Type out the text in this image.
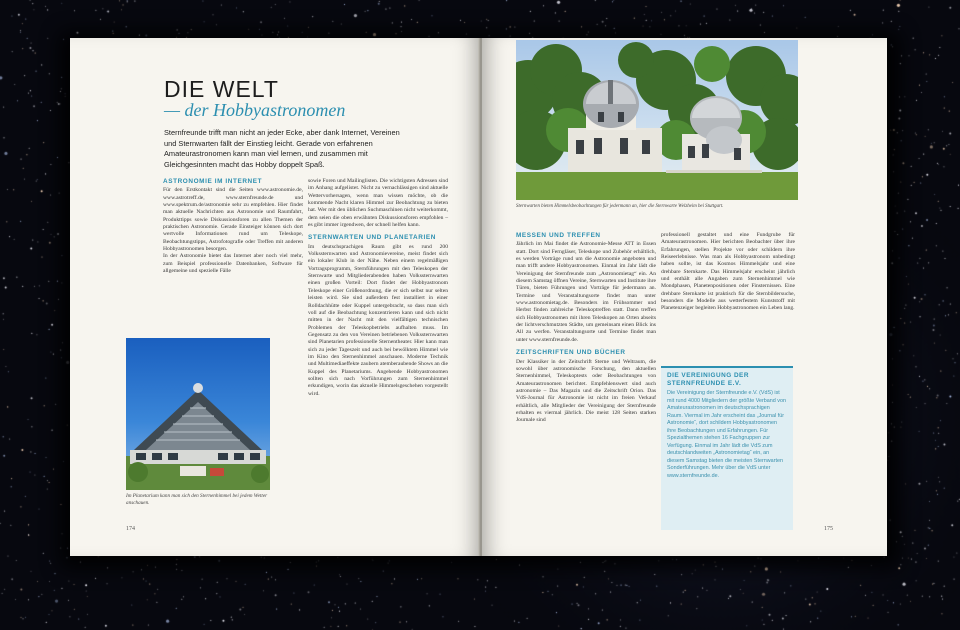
DIE WELT
— der Hobbyastronomen
Sternfreunde trifft man nicht an jeder Ecke, aber dank Internet, Vereinen und Sternwarten fällt der Einstieg leicht. Gerade von erfahrenen Amateurastronomen kann man viel lernen, und zusammen mit Gleichgesinnten macht das Hobby doppelt Spaß.
ASTRONOMIE IM INTERNET

Für den Erstkontakt sind die Seiten www.astronomie.de, www.astrotreff.de, www.sternfreunde.de und www.spektrum.de/astronomie sehr zu empfehlen. Hier findet man aktuelle Nachrichten aus Astronomie und Raumfahrt, Produkttipps sowie Diskussionsforen zu allen Themen der praktischen Astronomie. Gerade Einsteiger können sich dort wertvolle Informationen rund um Teleskope, Beobachtungstipps, Astrofotografie oder Treffen mit anderen Hobbyastronomen besorgen.

In der Astronomie bietet das Internet aber noch viel mehr, zum Beispiel professionelle Datenbanken, Software für allgemeine und spezielle Fälle

Im Planetarium kann man sich den Sternenhimmel bei jedem Wetter anschauen.

sowie Foren und Mailinglisten. Die wichtigsten Adressen sind im Anhang aufgelistet. Nicht zu vernachlässigen sind aktuelle Wettervorhersagen, wenn man wissen möchte, ob die kommende Nacht klaren Himmel zur Beobachtung zu bieten hat. Wer mit den üblichen Suchmaschinen nicht weiterkommt, dem seien die oben erwähnten Diskussionsforen empfohlen – es gibt immer irgendwen, der schnell helfen kann.

STERNWARTEN UND PLANETARIEN

Im deutschsprachigen Raum gibt es rund 200 Volkssternwarten und Astronomievereine, meist findet sich ein lokaler Klub in der Nähe. Neben einem regelmäßigen Vortragsprogramm, Sternführungen mit den Teleskopen der Sternwarte und Mitgliederabenden haben Volkssternwarten einen großen Vorteil: Dort findet der Hobbyastronom Teleskope einer Größenordnung, die er sich selbst nur selten leisten wird. Sie sind außerdem fest installiert in einer Rolldachhütte oder Kuppel untergebracht, so dass man sich voll auf die Beobachtung konzentrieren kann und sich nicht mitten in der Nacht mit den vielfältigen technischen Problemen der Teleskopbetriebs aufhalten muss. Im Gegensatz zu den von Vereinen betriebenen Volkssternwarten sind Planetarien professionelle Sternentheater. Hier kann man sich zu jeder Tageszeit und auch bei bewölktem Himmel wie im Kino den Sternenhimmel anschauen. Moderne Technik und Multimediaeffekte zaubern atemberaubende Shows an die Kuppel des Planetariums. Angehende Hobbyastronomen sollten sich nach Vorführungen zum Sternenhimmel erkundigen, worin das aktuelle Himmelsgeschehen vorgestellt wird.

174
Sternwarten bieten Himmelsbeobachtungen für jedermann an, hier die Sternwarte Welzheim bei Stuttgart.
MESSEN UND TREFFEN

Jährlich im Mai findet die Astronomie-Messe ATT in Essen statt. Dort sind Ferngläser, Teleskope und Zubehör erhältlich, es werden Vorträge rund um die Astronomie angeboten und man trifft andere Hobbyastronomen. Einmal im Jahr lädt die Vereinigung der Sternfreunde zum „Astronomietag“ ein. An diesem Samstag öffnen Vereine, Sternwarten und Institute ihre Türen, bieten Führungen und Vorträge für jedermann an. Termine und Veranstaltungsorte findet man unter www.astronomietag.de. Besonders im Frühsommer und Herbst finden zahlreiche Teleskoptreffen statt. Dann treffen sich Hobbyastronomen mit ihren Teleskopen an Orten abseits der lichtverschmutzten Städte, um gemeinsam einen Blick ins All zu werfen. Veranstaltungsorte und Termine findet man unter www.sternfreunde.de.

ZEITSCHRIFTEN UND BÜCHER

Der Klassiker in der Zeitschrift Sterne und Weltraum, die sowohl über astronomische Forschung, den aktuellen Sternenhimmel, Teleskoptests oder Beobachtungen von Amateurastronomen berichtet. Empfehlenswert sind auch astronomie – Das Magazin und die Zeitschrift Orion. Das VdS-Journal für Astronomie ist nicht im freien Verkauf erhältlich, alle Mitglieder der Vereinigung der Sternfreunde erhalten es viermal jährlich. Die meist 128 Seiten starken Journale sind

professionell gestaltet und eine Fundgrube für Amateurastronomen. Hier berichten Beobachter über ihre Erfahrungen, stellen Projekte vor oder schildern ihre Reiseerlebnisse. Was man als Hobbyastronom unbedingt haben sollte, ist das Kosmos Himmelsjahr und eine drehbare Sternkarte. Das Himmelsjahr erscheint jährlich und enthält alle Angaben zum Sternenhimmel wie Mondphasen, Planetenpositionen oder Finsternissen. Eine drehbare Sternkarte ist praktisch für die Sternbildersuche, besonders die Modelle aus wetterfestem Kunststoff mit Planetenzeiger begleiten Hobbyastronomen ein Leben lang.

DIE VEREINIGUNG DER STERNFREUNDE E.V.
Die Vereinigung der Sternfreunde e.V. (VdS) ist mit rund 4000 Mitgliedern der größte Verband von Amateurastronomen im deutschsprachigen Raum. Viermal im Jahr erscheint das „Journal für Astronomie“, dort schildern Hobbyastronomen ihre Beobachtungen und Erfahrungen. Für Spezialthemen stehen 16 Fachgruppen zur Verfügung. Einmal im Jahr lädt die VdS zum deutschlandweiten „Astronomietag“ ein, an diesem Samstag bieten die meisten Sternwarten Sonderführungen. Mehr über die VdS unter www.sternfreunde.de.
175
